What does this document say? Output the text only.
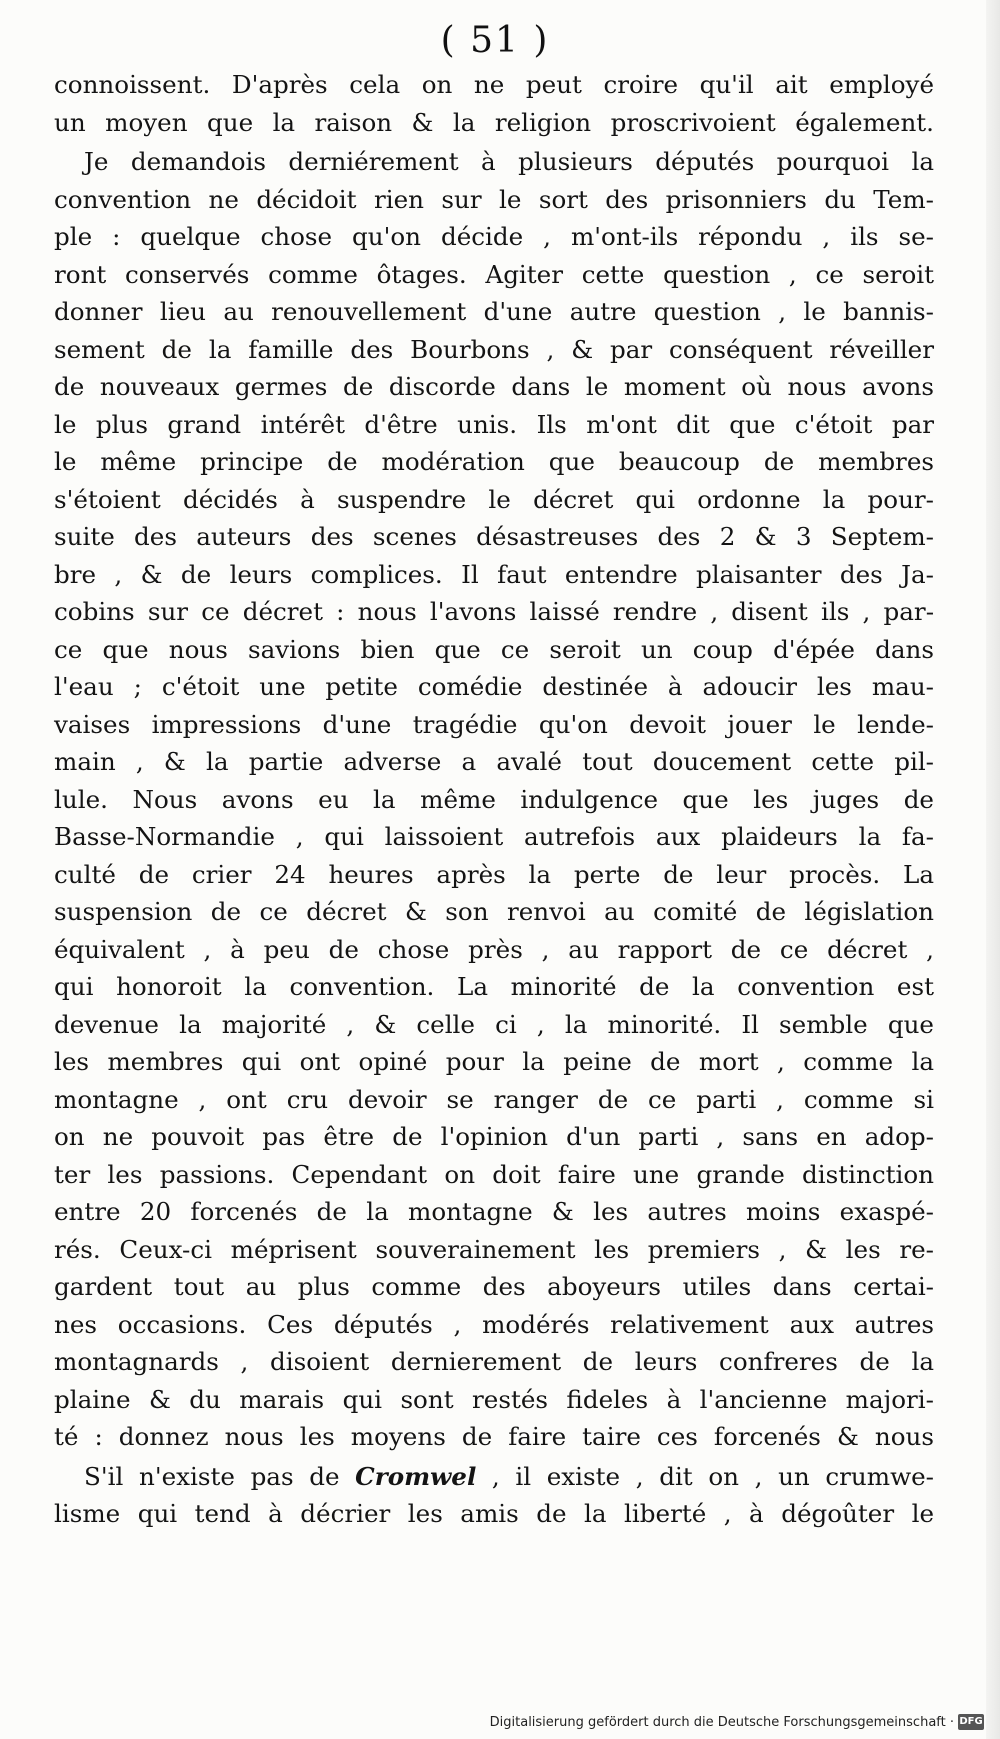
( 51 )

connoissent. D'après cela on ne peut croire qu'il ait employé
un moyen que la raison & la religion proscrivoient également.

Je demandois derniérement à plusieurs députés pourquoi la
convention ne décidoit rien sur le sort des prisonniers du Tem-
ple : quelque chose qu'on décide , m'ont-ils répondu , ils se-
ront conservés comme ôtages. Agiter cette question , ce seroit
donner lieu au renouvellement d'une autre question , le bannis-
sement de la famille des Bourbons , & par conséquent réveiller
de nouveaux germes de discorde dans le moment où nous avons
le plus grand intérêt d'être unis. Ils m'ont dit que c'étoit par
le même principe de modération que beaucoup de membres
s'étoient décidés à suspendre le décret qui ordonne la pour-
suite des auteurs des scenes désastreuses des 2 & 3 Septem-
bre , & de leurs complices. Il faut entendre plaisanter des Ja-
cobins sur ce décret : nous l'avons laissé rendre , disent ils , par-
ce que nous savions bien que ce seroit un coup d'épée dans
l'eau ; c'étoit une petite comédie destinée à adoucir les mau-
vaises impressions d'une tragédie qu'on devoit jouer le lende-
main , & la partie adverse a avalé tout doucement cette pil-
lule. Nous avons eu la même indulgence que les juges de
Basse-Normandie , qui laissoient autrefois aux plaideurs la fa-
culté de crier 24 heures après la perte de leur procès. La
suspension de ce décret & son renvoi au comité de législation
équivalent , à peu de chose près , au rapport de ce décret ,
qui honoroit la convention. La minorité de la convention est
devenue la majorité , & celle ci , la minorité. Il semble que
les membres qui ont opiné pour la peine de mort , comme la
montagne , ont cru devoir se ranger de ce parti , comme si
on ne pouvoit pas être de l'opinion d'un parti , sans en adop-
ter les passions. Cependant on doit faire une grande distinction
entre 20 forcenés de la montagne & les autres moins exaspé-
rés. Ceux-ci méprisent souverainement les premiers , & les re-
gardent tout au plus comme des aboyeurs utiles dans certai-
nes occasions. Ces députés , modérés relativement aux autres
montagnards , disoient dernierement de leurs confreres de la
plaine & du marais qui sont restés fideles à l'ancienne majori-
té : donnez nous les moyens de faire taire ces forcenés & nous

S'il n'existe pas de Cromwel , il existe , dit on , un crumwe-
lisme qui tend à décrier les amis de la liberté , à dégoûter le

Digitalisierung gefördert durch die Deutsche Forschungsgemeinschaft · DFG
